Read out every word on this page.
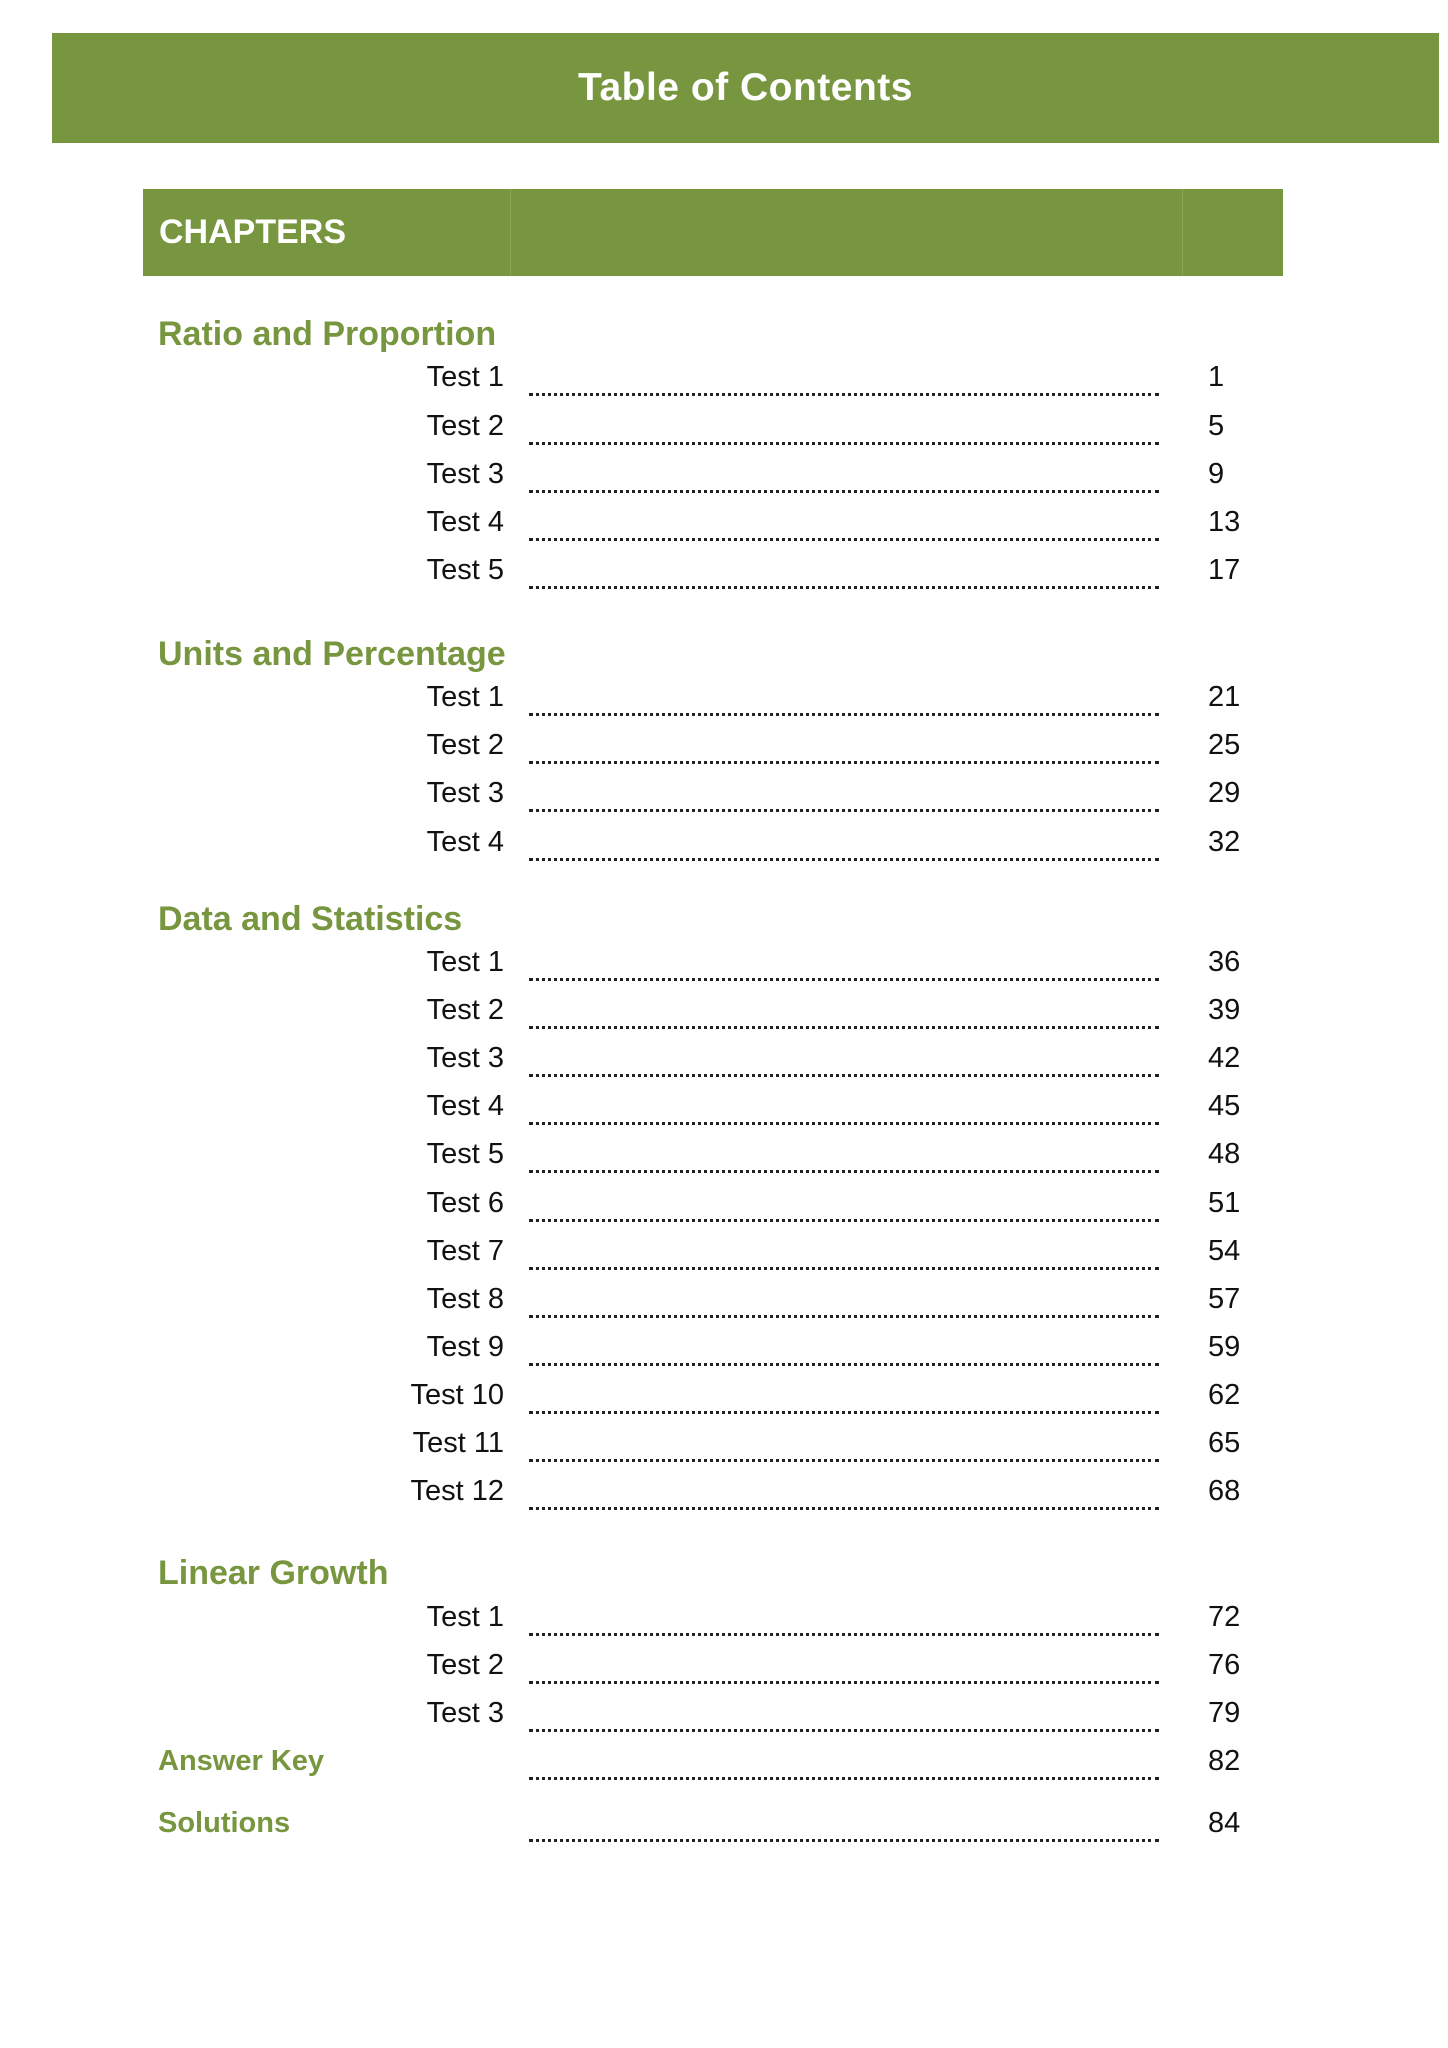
Table of Contents
CHAPTERS
Ratio and Proportion
Test 1	1
Test 2	5
Test 3	9
Test 4	13
Test 5	17
Units and Percentage
Test 1	21
Test 2	25
Test 3	29
Test 4	32
Data and Statistics
Test 1	36
Test 2	39
Test 3	42
Test 4	45
Test 5	48
Test 6	51
Test 7	54
Test 8	57
Test 9	59
Test 10	62
Test 11	65
Test 12	68
Linear Growth
Test 1	72
Test 2	76
Test 3	79
Answer Key	82
Solutions	84
